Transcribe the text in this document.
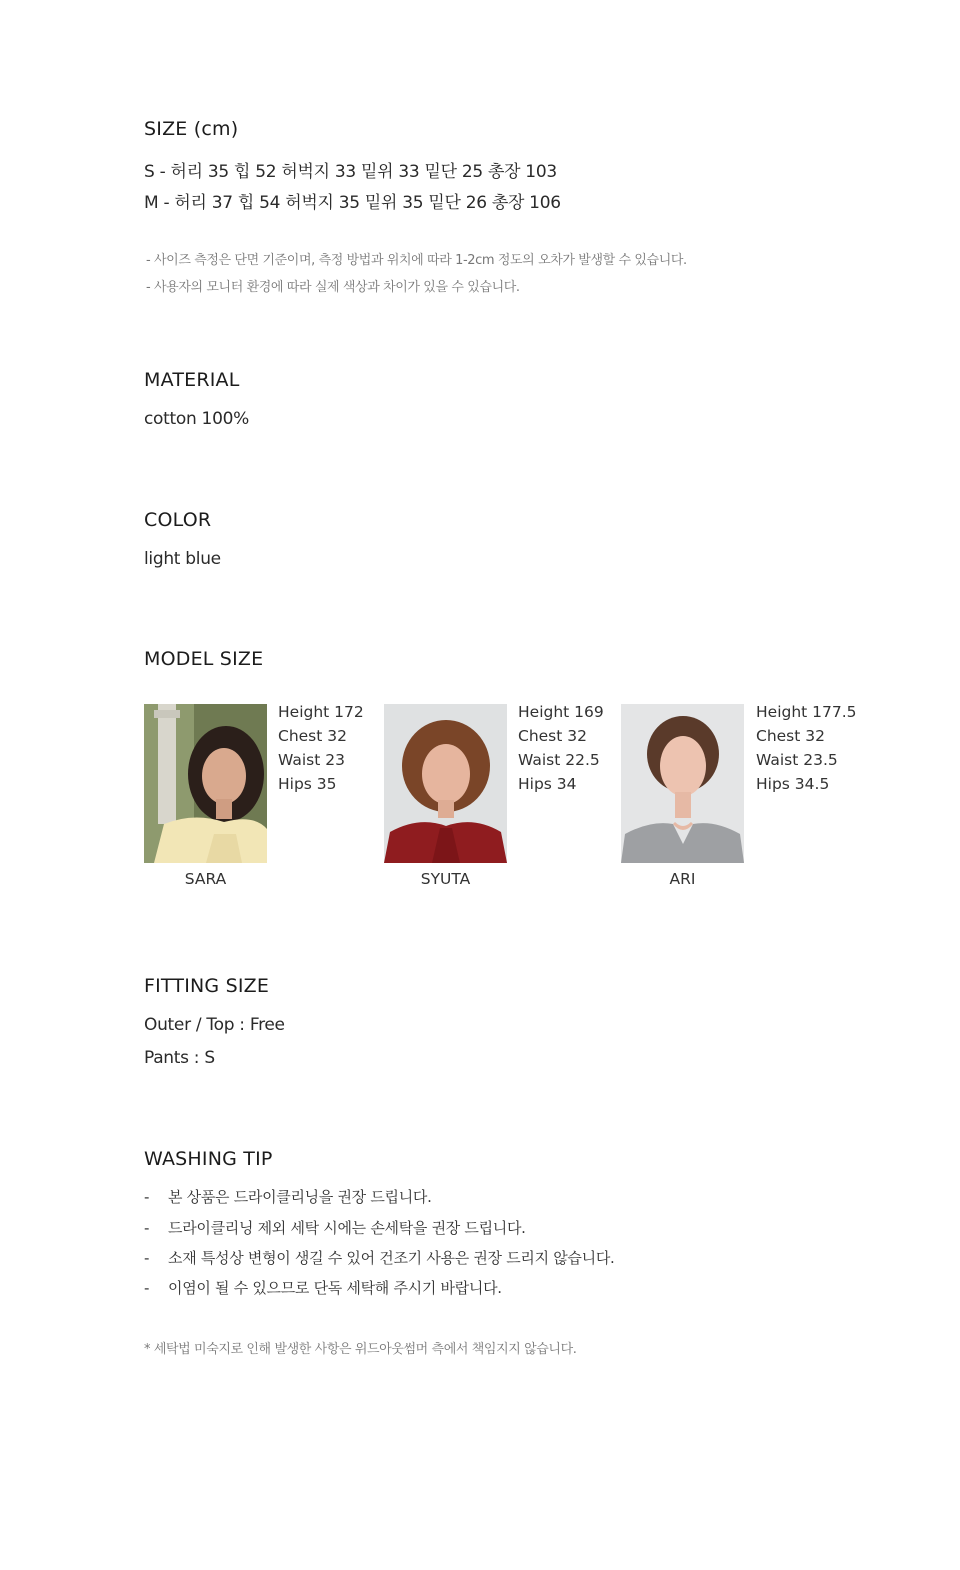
SIZE (cm)
S - 허리 35 힙 52 허벅지 33 밑위 33 밑단 25 총장 103
M - 허리 37 힙 54 허벅지 35 밑위 35 밑단 26 총장 106
- 사이즈 측정은 단면 기준이며, 측정 방법과 위치에 따라 1-2cm 정도의 오차가 발생할 수 있습니다.
- 사용자의 모니터 환경에 따라 실제 색상과 차이가 있을 수 있습니다.
MATERIAL
cotton 100%
COLOR
light blue
MODEL SIZE
Height 172
Chest 32
Waist 23
Hips 35
SARA
Height 169
Chest 32
Waist 22.5
Hips 34
SYUTA
Height 177.5
Chest 32
Waist 23.5
Hips 34.5
ARI
FITTING SIZE
Outer / Top : Free
Pants : S
WASHING TIP
- 본 상품은 드라이클리닝을 권장 드립니다.
- 드라이클리닝 제외 세탁 시에는 손세탁을 권장 드립니다.
- 소재 특성상 변형이 생길 수 있어 건조기 사용은 권장 드리지 않습니다.
- 이염이 될 수 있으므로 단독 세탁해 주시기 바랍니다.
* 세탁법 미숙지로 인해 발생한 사항은 위드아웃썸머 측에서 책임지지 않습니다.
